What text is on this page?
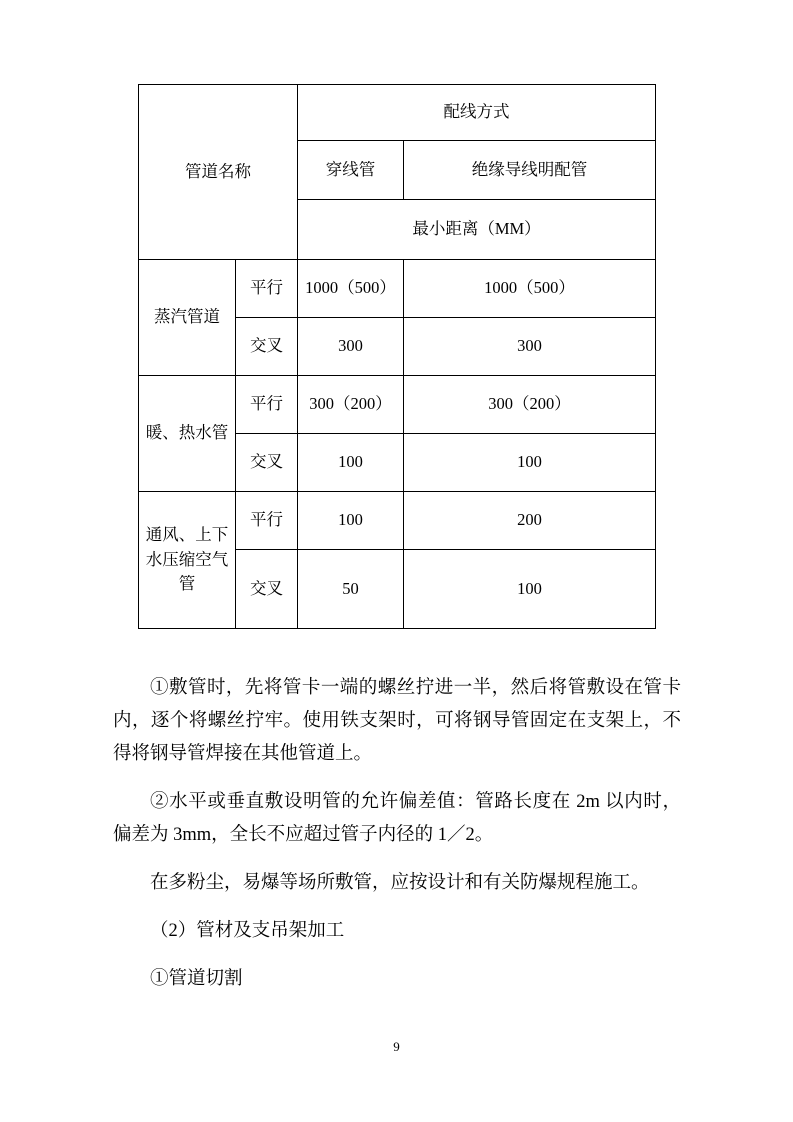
管道名称		配线方式	
		穿线管	绝缘导线明配管
		最小距离（MM）	
蒸汽管道	平行	1000（500）	1000（500）
	交叉	300	300
暖、热水管	平行	300（200）	300（200）
	交叉	100	100
通风、上下水压缩空气管	平行	100	200
	交叉	50	100

①敷管时，先将管卡一端的螺丝拧进一半，然后将管敷设在管卡内，逐个将螺丝拧牢。使用铁支架时，可将钢导管固定在支架上，不得将钢导管焊接在其他管道上。

②水平或垂直敷设明管的允许偏差值：管路长度在 2m 以内时，偏差为 3mm，全长不应超过管子内径的 1／2。

在多粉尘，易爆等场所敷管，应按设计和有关防爆规程施工。

（2）管材及支吊架加工

①管道切割

9
